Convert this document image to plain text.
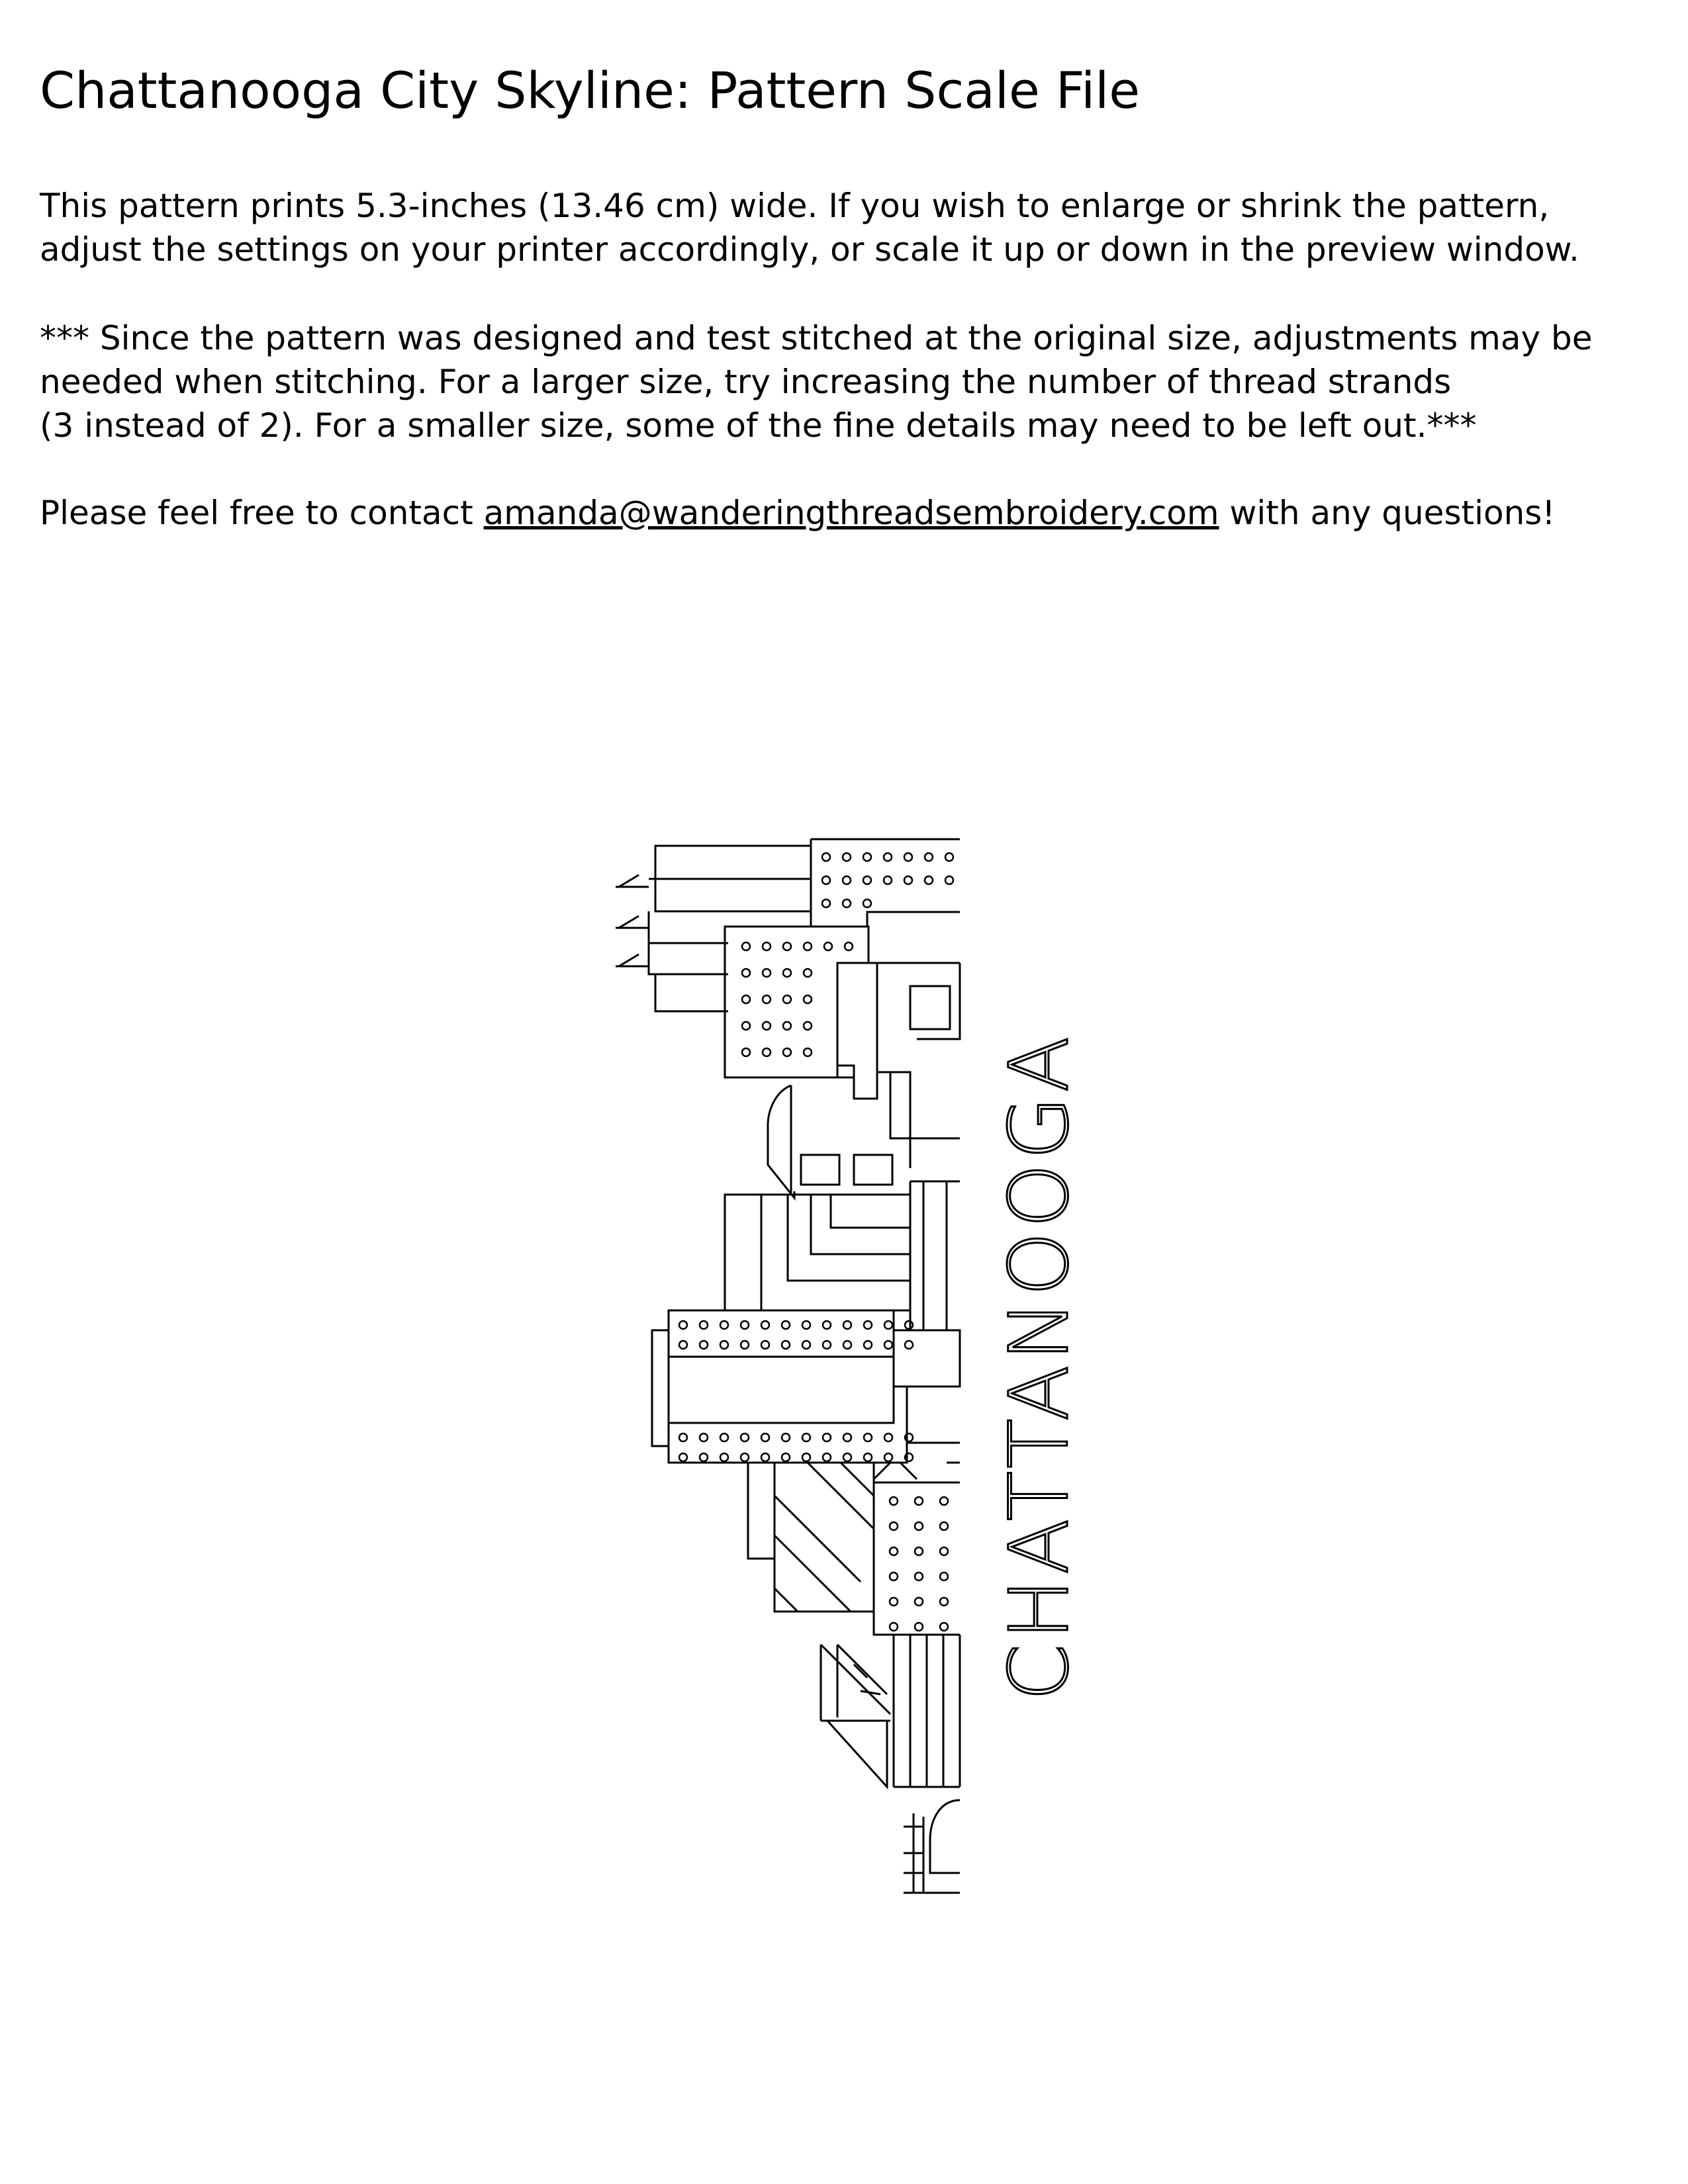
Chattanooga City Skyline: Pattern Scale File

This pattern prints 5.3-inches (13.46 cm) wide. If you wish to enlarge or shrink the pattern,
adjust the settings on your printer accordingly, or scale it up or down in the preview window.

*** Since the pattern was designed and test stitched at the original size, adjustments may be
needed when stitching. For a larger size, try increasing the number of thread strands
(3 instead of 2). For a smaller size, some of the fine details may need to be left out.***

Please feel free to contact amanda@wanderingthreadsembroidery.com with any questions!

CHATTANOOGA
